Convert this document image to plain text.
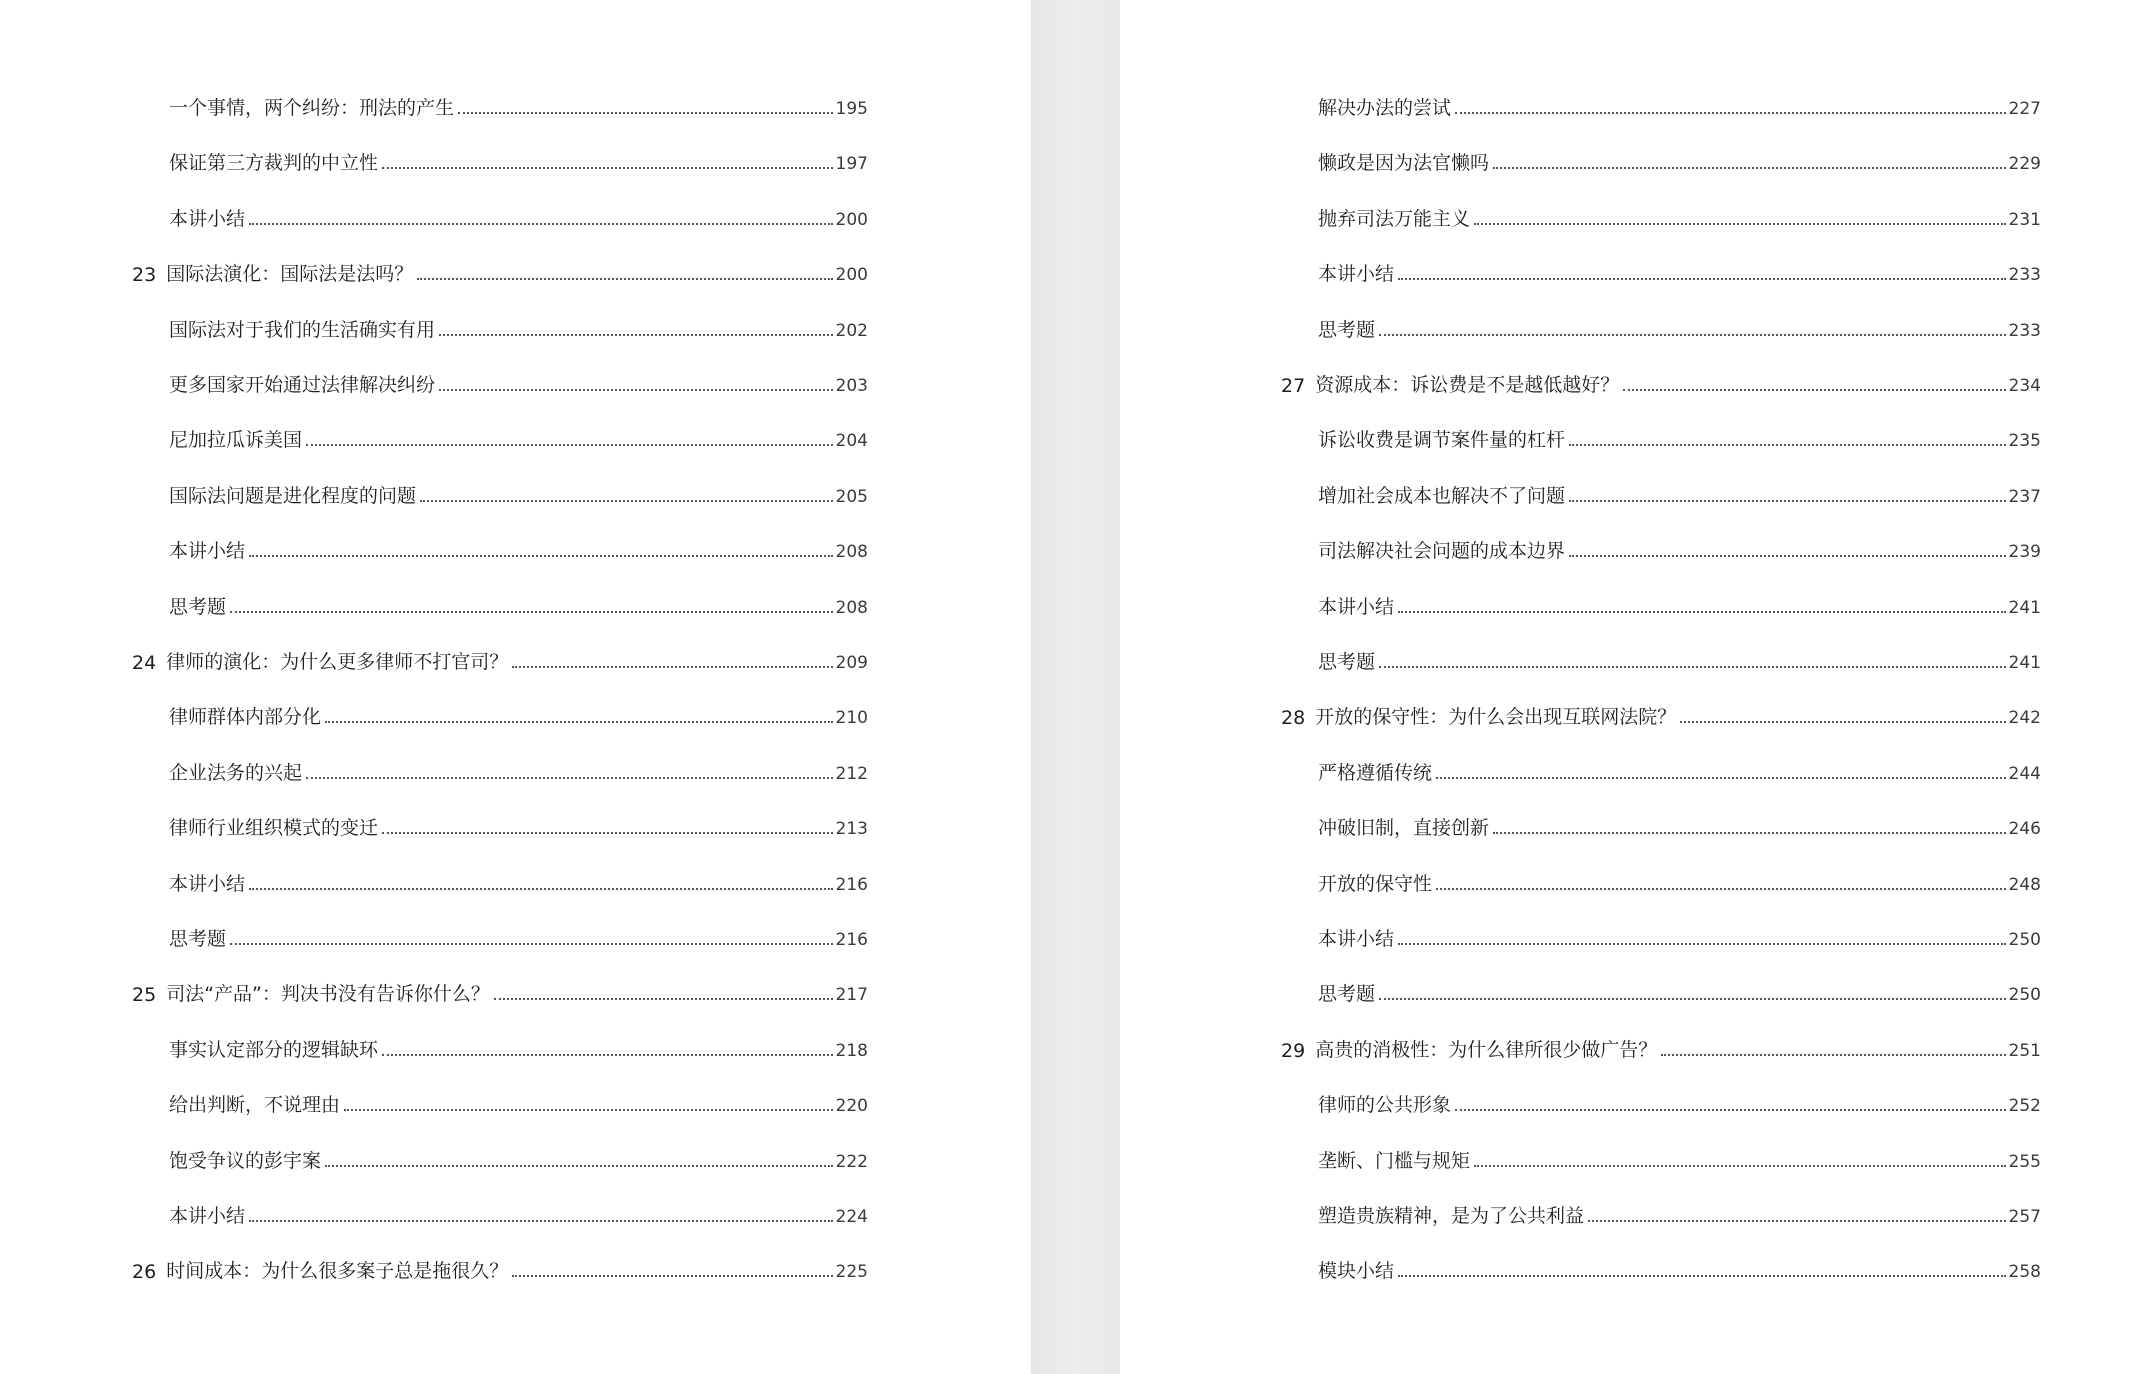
一个事情，两个纠纷：刑法的产生	195
保证第三方裁判的中立性	197
本讲小结	200
23 国际法演化：国际法是法吗？	200
国际法对于我们的生活确实有用	202
更多国家开始通过法律解决纠纷	203
尼加拉瓜诉美国	204
国际法问题是进化程度的问题	205
本讲小结	208
思考题	208
24 律师的演化：为什么更多律师不打官司？	209
律师群体内部分化	210
企业法务的兴起	212
律师行业组织模式的变迁	213
本讲小结	216
思考题	216
25 司法“产品”：判决书没有告诉你什么？	217
事实认定部分的逻辑缺环	218
给出判断，不说理由	220
饱受争议的彭宇案	222
本讲小结	224
26 时间成本：为什么很多案子总是拖很久？	225
解决办法的尝试	227
懒政是因为法官懒吗	229
抛弃司法万能主义	231
本讲小结	233
思考题	233
27 资源成本：诉讼费是不是越低越好？	234
诉讼收费是调节案件量的杠杆	235
增加社会成本也解决不了问题	237
司法解决社会问题的成本边界	239
本讲小结	241
思考题	241
28 开放的保守性：为什么会出现互联网法院？	242
严格遵循传统	244
冲破旧制，直接创新	246
开放的保守性	248
本讲小结	250
思考题	250
29 高贵的消极性：为什么律所很少做广告？	251
律师的公共形象	252
垄断、门槛与规矩	255
塑造贵族精神，是为了公共利益	257
模块小结	258
